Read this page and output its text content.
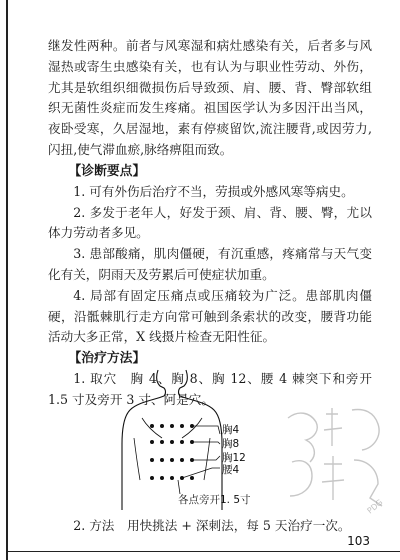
继发性两种。前者与风寒湿和病灶感染有关，后者多与风湿热或寄生虫感染有关，也有认为与职业性劳动、外伤，尤其是软组织细微损伤后导致颈、肩、腰、背、臀部软组织无菌性炎症而发生疼痛。祖国医学认为多因汗出当风，夜卧受寒，久居湿地，素有停痰留饮,流注腰背,或因劳力,闪扭,使气滞血瘀,脉络痹阻而致。

【诊断要点】

1. 可有外伤后治疗不当，劳损或外感风寒等病史。

2. 多发于老年人，好发于颈、肩、背、腰、臀，尤以体力劳动者多见。

3. 患部酸痛，肌肉僵硬，有沉重感，疼痛常与天气变化有关，阴雨天及劳累后可使症状加重。

4. 局部有固定压痛点或压痛较为广泛。患部肌肉僵硬，沿骶棘肌行走方向常可触到条索状的改变，腰背功能活动大多正常，X 线摄片检查无阳性征。

【治疗方法】

1. 取穴　胸 4、胸 8、胸 12、腰 4 棘突下和旁开 1.5 寸及旁开 3 寸、阿是穴。

胸4
胸8
胸12
腰4
各点旁开1. 5寸	PDG

2. 方法　用快挑法 + 深刺法，每 5 天治疗一次。

103
